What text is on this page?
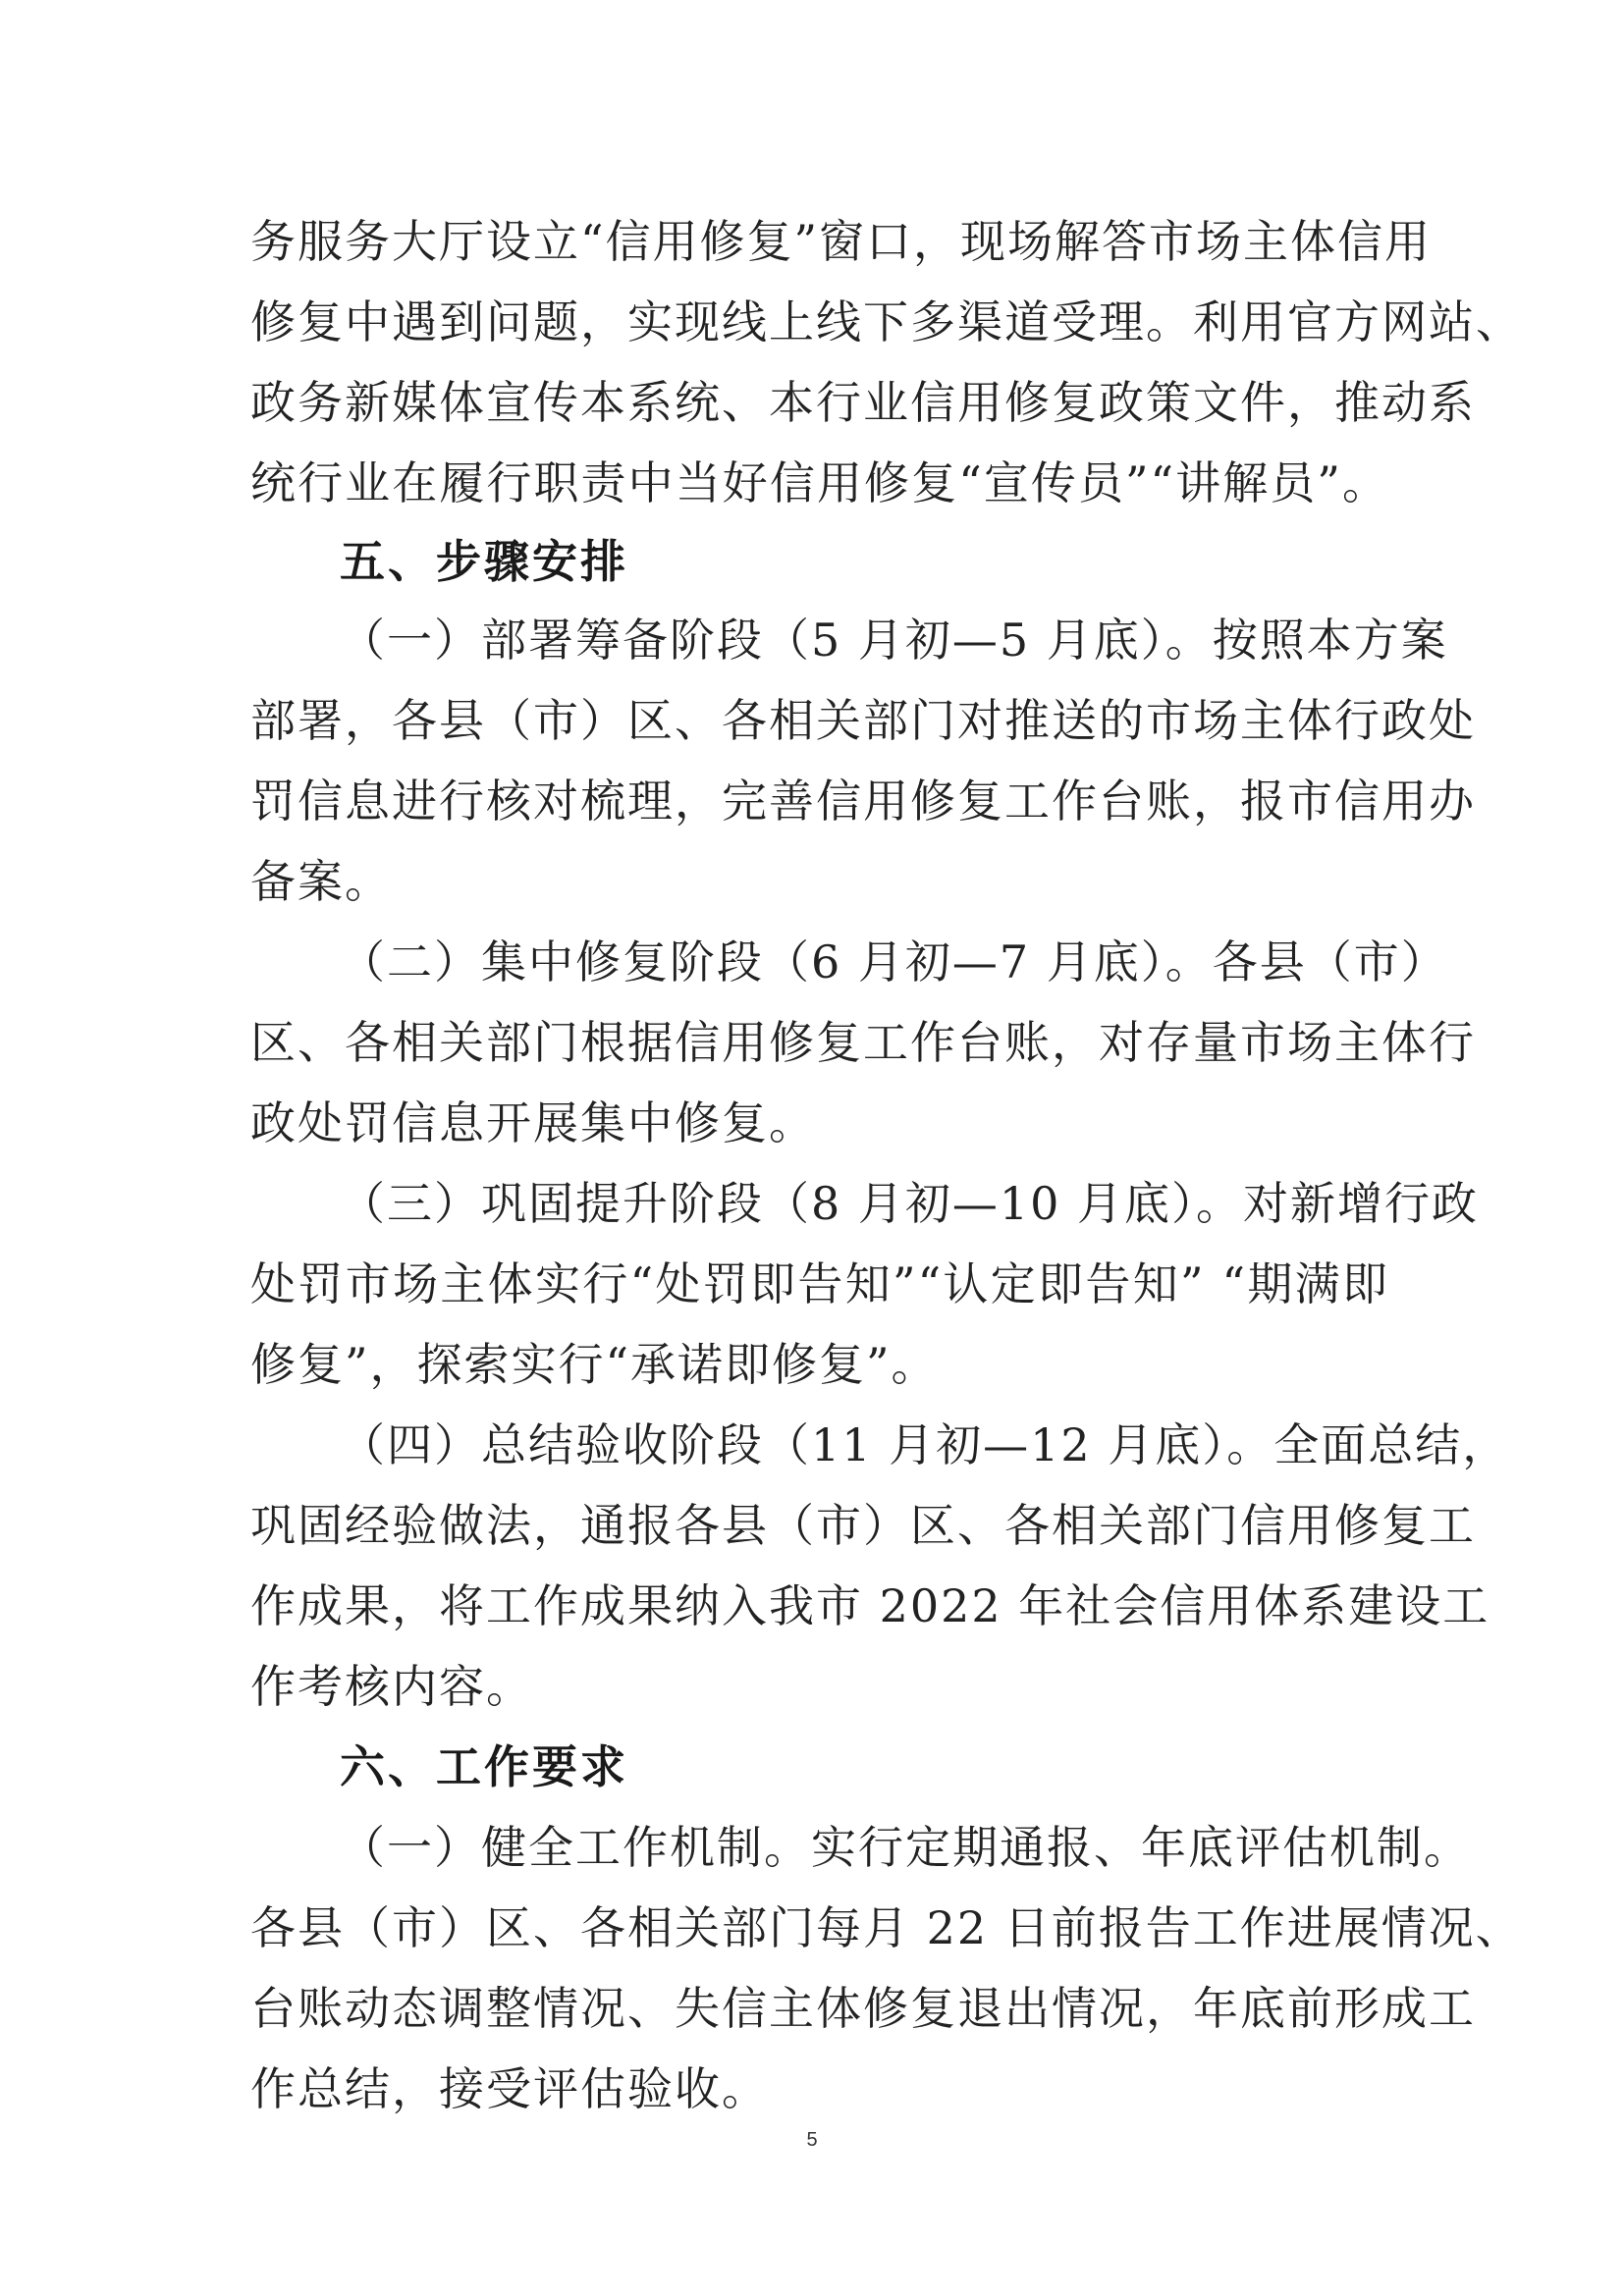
务服务大厅设立“信用修复”窗口，现场解答市场主体信用
修复中遇到问题，实现线上线下多渠道受理。利用官方网站、
政务新媒体宣传本系统、本行业信用修复政策文件，推动系
统行业在履行职责中当好信用修复“宣传员”“讲解员”。
五、步骤安排
（一）部署筹备阶段（5 月初—5 月底）。按照本方案
部署，各县（市）区、各相关部门对推送的市场主体行政处
罚信息进行核对梳理，完善信用修复工作台账，报市信用办
备案。
（二）集中修复阶段（6 月初—7 月底）。各县（市）
区、各相关部门根据信用修复工作台账，对存量市场主体行
政处罚信息开展集中修复。
（三）巩固提升阶段（8 月初—10 月底）。对新增行政
处罚市场主体实行“处罚即告知”“认定即告知” “期满即
修复”，探索实行“承诺即修复”。
（四）总结验收阶段（11 月初—12 月底）。全面总结，
巩固经验做法，通报各县（市）区、各相关部门信用修复工
作成果，将工作成果纳入我市 2022 年社会信用体系建设工
作考核内容。
六、工作要求
（一）健全工作机制。实行定期通报、年底评估机制。
各县（市）区、各相关部门每月 22 日前报告工作进展情况、
台账动态调整情况、失信主体修复退出情况，年底前形成工
作总结，接受评估验收。
5
